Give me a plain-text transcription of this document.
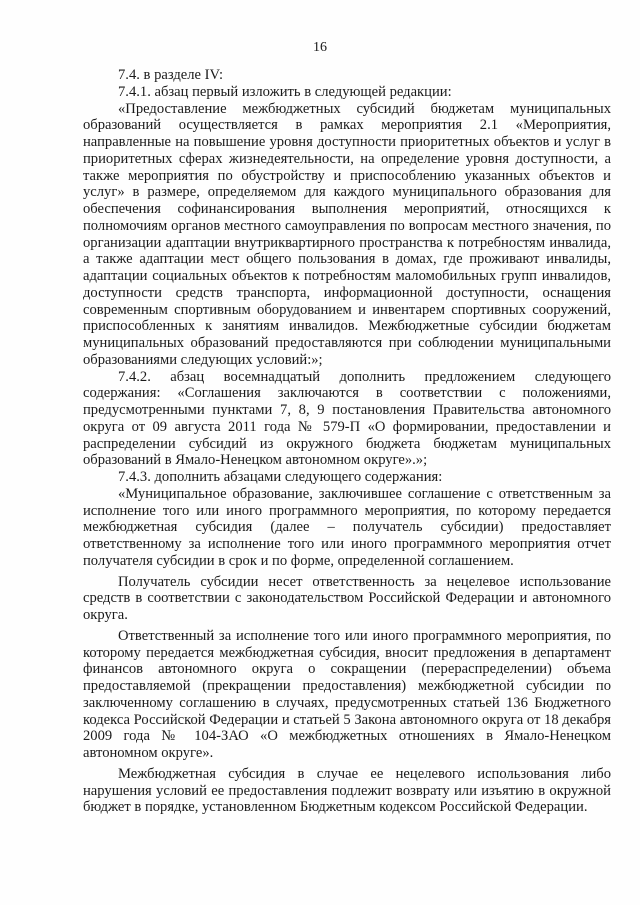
16

7.4. в разделе IV:

7.4.1. абзац первый изложить в следующей редакции:

«Предоставление межбюджетных субсидий бюджетам муниципальных образований осуществляется в рамках мероприятия 2.1 «Мероприятия, направленные на повышение уровня доступности приоритетных объектов и услуг в приоритетных сферах жизнедеятельности, на определение уровня доступности, а также мероприятия по обустройству и приспособлению указанных объектов и услуг» в размере, определяемом для каждого муниципального образования для обеспечения софинансирования выполнения мероприятий, относящихся к полномочиям органов местного самоуправления по вопросам местного значения, по организации адаптации внутриквартирного пространства к потребностям инвалида, а также адаптации мест общего пользования в домах, где проживают инвалиды, адаптации социальных объектов к потребностям маломобильных групп инвалидов, доступности средств транспорта, информационной доступности, оснащения современным спортивным оборудованием и инвентарем спортивных сооружений, приспособленных к занятиям инвалидов. Межбюджетные субсидии бюджетам муниципальных образований предоставляются при соблюдении муниципальными образованиями следующих условий:»;

7.4.2. абзац восемнадцатый дополнить предложением следующего содержания: «Соглашения заключаются в соответствии с положениями, предусмотренными пунктами 7, 8, 9 постановления Правительства автономного округа от 09 августа 2011 года № 579-П «О формировании, предоставлении и распределении субсидий из окружного бюджета бюджетам муниципальных образований в Ямало-Ненецком автономном округе».»;

7.4.3. дополнить абзацами следующего содержания:

«Муниципальное образование, заключившее соглашение с ответственным за исполнение того или иного программного мероприятия, по которому передается межбюджетная субсидия (далее – получатель субсидии) предоставляет ответственному за исполнение того или иного программного мероприятия отчет получателя субсидии в срок и по форме, определенной соглашением.

Получатель субсидии несет ответственность за нецелевое использование средств в соответствии с законодательством Российской Федерации и автономного округа.

Ответственный за исполнение того или иного программного мероприятия, по которому передается межбюджетная субсидия, вносит предложения в департамент финансов автономного округа о сокращении (перераспределении) объема предоставляемой (прекращении предоставления) межбюджетной субсидии по заключенному соглашению в случаях, предусмотренных статьей 136 Бюджетного кодекса Российской Федерации и статьей 5 Закона автономного округа от 18 декабря 2009 года № 104-ЗАО «О межбюджетных отношениях в Ямало-Ненецком автономном округе».

Межбюджетная субсидия в случае ее нецелевого использования либо нарушения условий ее предоставления подлежит возврату или изъятию в окружной бюджет в порядке, установленном Бюджетным кодексом Российской Федерации.
